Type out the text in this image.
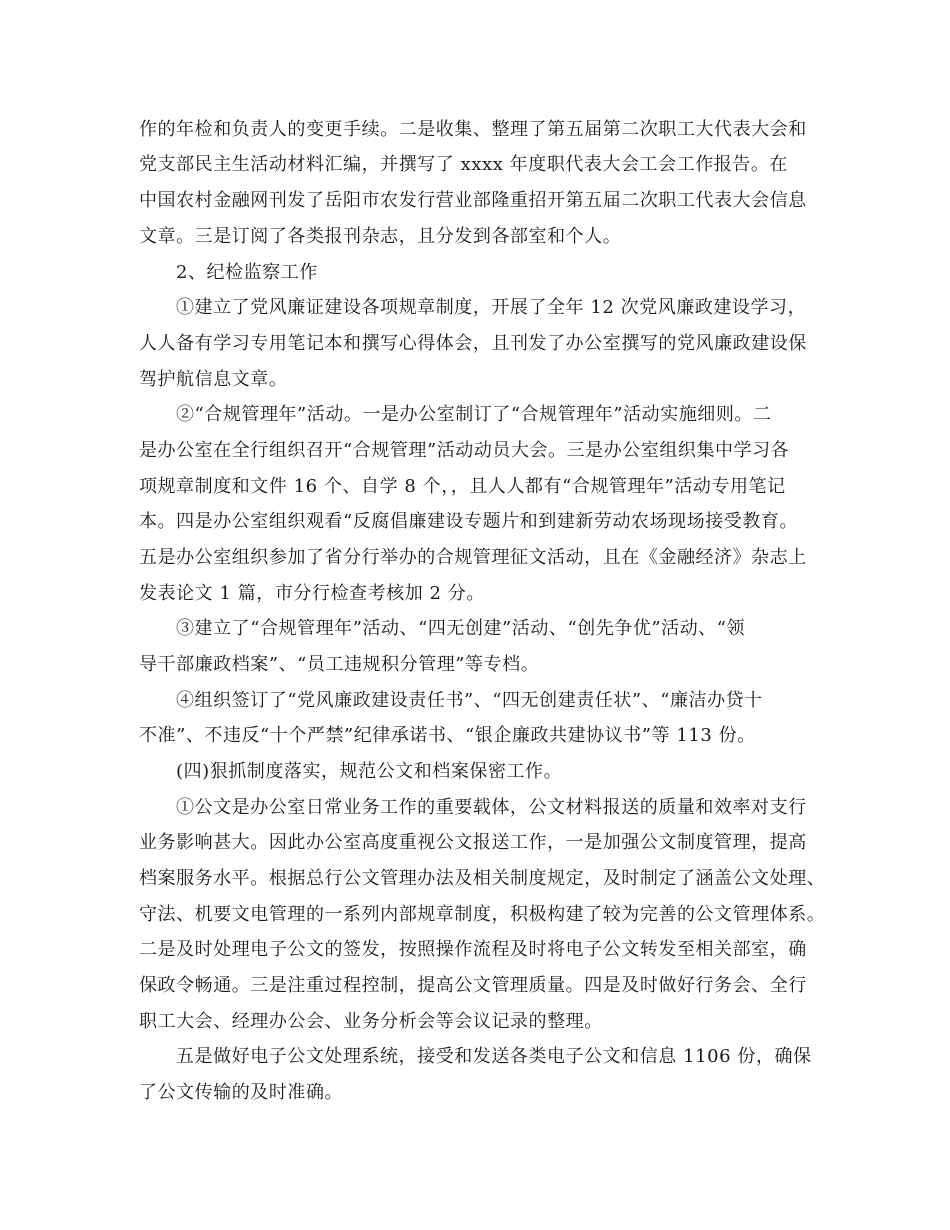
作的年检和负责人的变更手续。二是收集、整理了第五届第二次职工大代表大会和
党支部民主生活动材料汇编，并撰写了 xxxx 年度职代表大会工会工作报告。在
中国农村金融网刊发了岳阳市农发行营业部隆重招开第五届二次职工代表大会信息
文章。三是订阅了各类报刊杂志，且分发到各部室和个人。
2、纪检监察工作
①建立了党风廉证建设各项规章制度，开展了全年 12 次党风廉政建设学习，
人人备有学习专用笔记本和撰写心得体会，且刊发了办公室撰写的党风廉政建设保
驾护航信息文章。
②“合规管理年”活动。一是办公室制订了“合规管理年”活动实施细则。二
是办公室在全行组织召开“合规管理”活动动员大会。三是办公室组织集中学习各
项规章制度和文件 16 个、自学 8 个，，且人人都有“合规管理年”活动专用笔记
本。四是办公室组织观看“反腐倡廉建设专题片和到建新劳动农场现场接受教育。
五是办公室组织参加了省分行举办的合规管理征文活动，且在《金融经济》杂志上
发表论文 1 篇，市分行检查考核加 2 分。
③建立了“合规管理年”活动、“四无创建”活动、“创先争优”活动、“领
导干部廉政档案”、“员工违规积分管理”等专档。
④组织签订了“党风廉政建设责任书”、“四无创建责任状”、“廉洁办贷十
不准”、不违反“十个严禁”纪律承诺书、“银企廉政共建协议书”等 113 份。
(四)狠抓制度落实，规范公文和档案保密工作。
①公文是办公室日常业务工作的重要载体，公文材料报送的质量和效率对支行
业务影响甚大。因此办公室高度重视公文报送工作，一是加强公文制度管理，提高
档案服务水平。根据总行公文管理办法及相关制度规定，及时制定了涵盖公文处理、
守法、机要文电管理的一系列内部规章制度，积极构建了较为完善的公文管理体系。
二是及时处理电子公文的签发，按照操作流程及时将电子公文转发至相关部室，确
保政令畅通。三是注重过程控制，提高公文管理质量。四是及时做好行务会、全行
职工大会、经理办公会、业务分析会等会议记录的整理。
五是做好电子公文处理系统，接受和发送各类电子公文和信息 1106 份，确保
了公文传输的及时准确。
